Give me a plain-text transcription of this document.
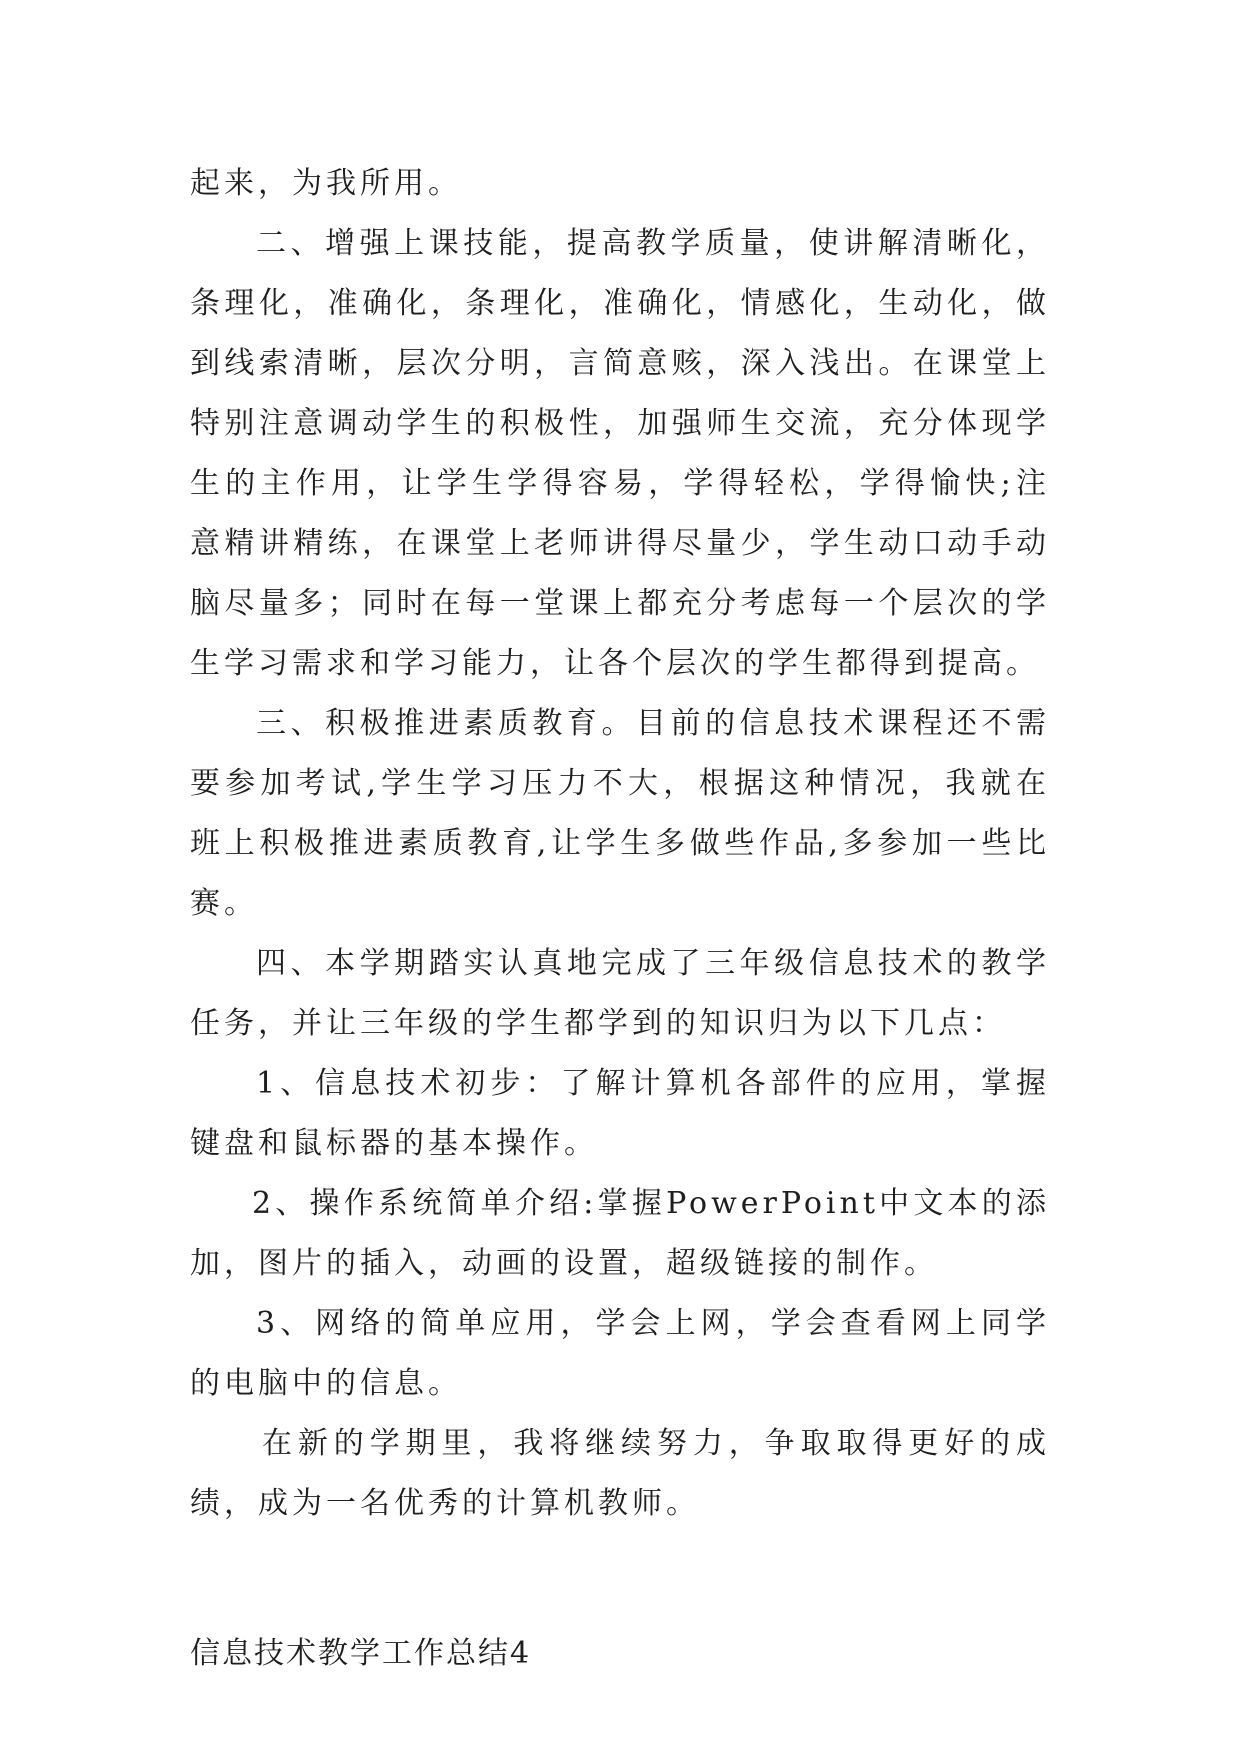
起来，为我所用。

二、增强上课技能，提高教学质量，使讲解清晰化，条理化，准确化，条理化，准确化，情感化，生动化，做到线索清晰，层次分明，言简意赅，深入浅出。在课堂上特别注意调动学生的积极性，加强师生交流，充分体现学生的主作用，让学生学得容易，学得轻松，学得愉快;注意精讲精练，在课堂上老师讲得尽量少，学生动口动手动脑尽量多；同时在每一堂课上都充分考虑每一个层次的学生学习需求和学习能力，让各个层次的学生都得到提高。

三、积极推进素质教育。目前的信息技术课程还不需要参加考试,学生学习压力不大，根据这种情况，我就在班上积极推进素质教育,让学生多做些作品,多参加一些比赛。

四、本学期踏实认真地完成了三年级信息技术的教学任务，并让三年级的学生都学到的知识归为以下几点：

1、信息技术初步：了解计算机各部件的应用，掌握键盘和鼠标器的基本操作。

2、操作系统简单介绍:掌握PowerPoint中文本的添加，图片的插入，动画的设置，超级链接的制作。

3、网络的简单应用，学会上网，学会查看网上同学的电脑中的信息。

在新的学期里，我将继续努力，争取取得更好的成绩，成为一名优秀的计算机教师。

信息技术教学工作总结4
